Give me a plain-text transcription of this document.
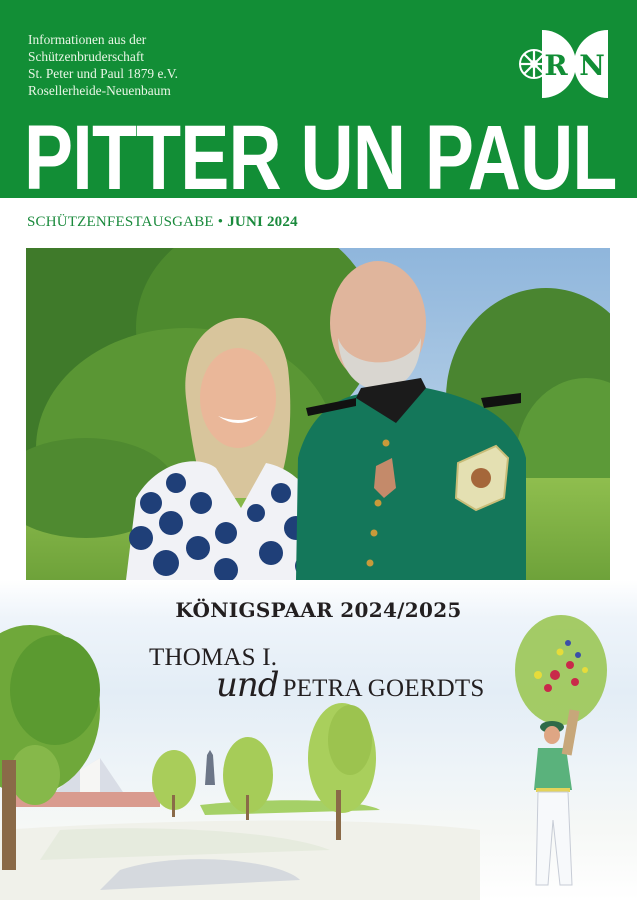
Informationen aus der
Schützenbruderschaft
St. Peter und Paul 1879 e.V.
Rosellerheide-Neuenbaum
R N
PITTER UN PAUL
SCHÜTZENFESTAUSGABE • JUNI 2024
KÖNIGSPAAR 2024/2025
THOMAS I.
und PETRA GOERDTS
